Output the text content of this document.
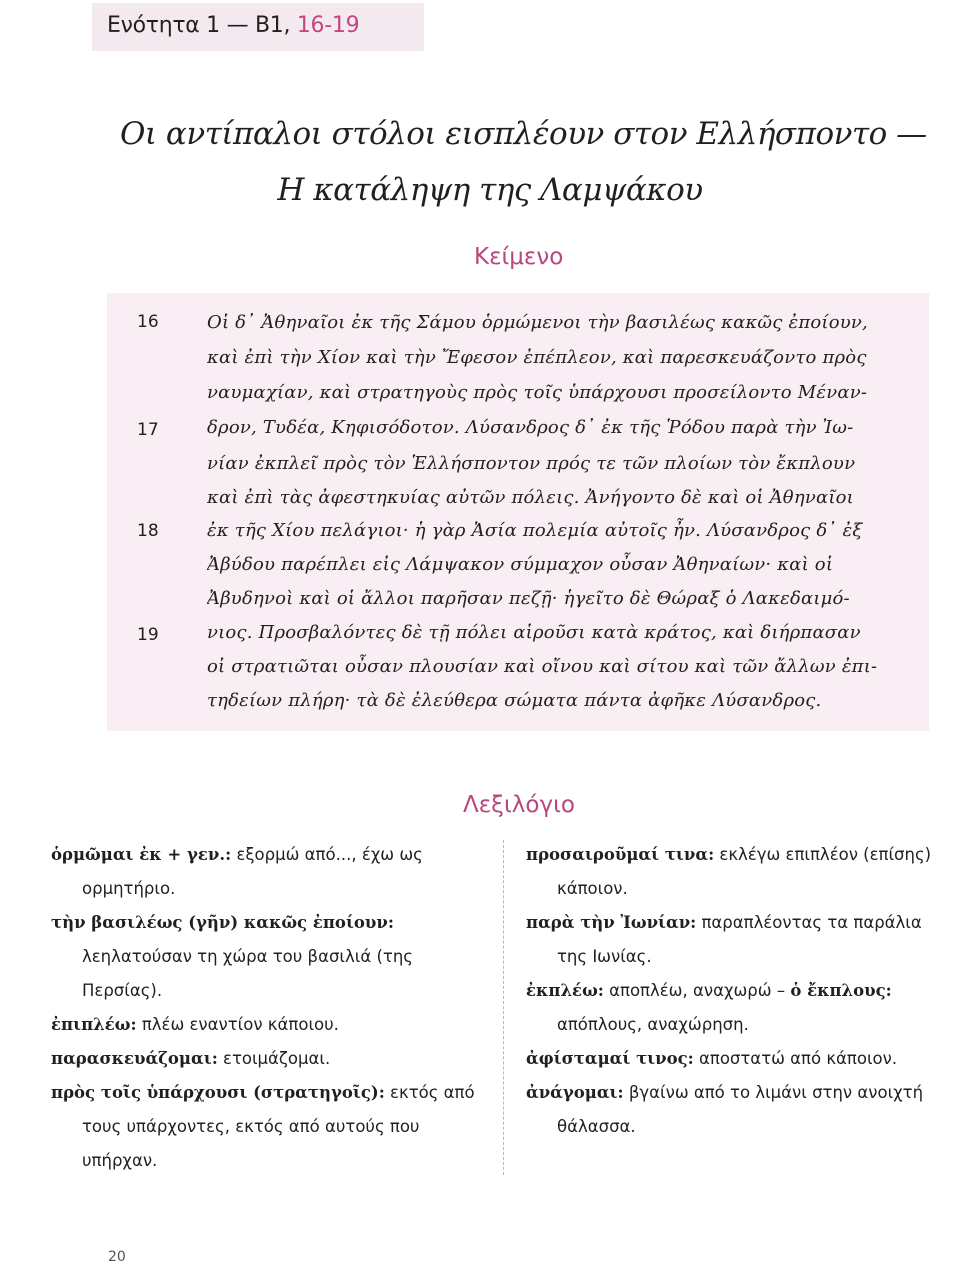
Ενότητα 1 — Β1, 16-19
Οι αντίπαλοι στόλοι εισπλέουν στον Ελλήσποντο —
Η κατάληψη της Λαμψάκου
Κείμενο
16
17
18
19
Οἱ δ᾽ Ἀθηναῖοι ἐκ τῆς Σάμου ὁρμώμενοι τὴν βασιλέως κακῶς ἐποίουν,
καὶ ἐπὶ τὴν Χίον καὶ τὴν Ἔφεσον ἐπέπλεον, καὶ παρεσκευάζοντο πρὸς
ναυμαχίαν, καὶ στρατηγοὺς πρὸς τοῖς ὑπάρχουσι προσείλοντο Μέναν-
δρον, Τυδέα, Κηφισόδοτον. Λύσανδρος δ᾽ ἐκ τῆς Ῥόδου παρὰ τὴν Ἰω-
νίαν ἐκπλεῖ πρὸς τὸν Ἑλλήσποντον πρός τε τῶν πλοίων τὸν ἔκπλουν
καὶ ἐπὶ τὰς ἀφεστηκυίας αὐτῶν πόλεις. Ἀνήγοντο δὲ καὶ οἱ Ἀθηναῖοι
ἐκ τῆς Χίου πελάγιοι· ἡ γὰρ Ἀσία πολεμία αὐτοῖς ἦν. Λύσανδρος δ᾽ ἐξ
Ἀβύδου παρέπλει εἰς Λάμψακον σύμμαχον οὖσαν Ἀθηναίων· καὶ οἱ
Ἀβυδηνοὶ καὶ οἱ ἄλλοι παρῆσαν πεζῇ· ἡγεῖτο δὲ Θώραξ ὁ Λακεδαιμό-
νιος. Προσβαλόντες δὲ τῇ πόλει αἱροῦσι κατὰ κράτος, καὶ διήρπασαν
οἱ στρατιῶται οὖσαν πλουσίαν καὶ οἴνου καὶ σίτου καὶ τῶν ἄλλων ἐπι-
τηδείων πλήρη· τὰ δὲ ἐλεύθερα σώματα πάντα ἀφῆκε Λύσανδρος.
Λεξιλόγιο

ὁρμῶμαι ἐκ + γεν.: εξορμώ από..., έχω ως ορμητήριο.

τὴν βασιλέως (γῆν) κακῶς ἐποίουν: λεηλατούσαν τη χώρα του βασιλιά (της Περσίας).

ἐπιπλέω: πλέω εναντίον κάποιου.

παρασκευάζομαι: ετοιμάζομαι.

πρὸς τοῖς ὑπάρχουσι (στρατηγοῖς): εκτός από τους υπάρχοντες, εκτός από αυτούς που υπήρχαν.

προσαιροῦμαί τινα: εκλέγω επιπλέον (επίσης) κάποιον.

παρὰ τὴν Ἰωνίαν: παραπλέοντας τα παράλια της Ιωνίας.

ἐκπλέω: αποπλέω, αναχωρώ – ὁ ἔκπλους: απόπλους, αναχώρηση.

ἀφίσταμαί τινος: αποστατώ από κάποιον.

ἀνάγομαι: βγαίνω από το λιμάνι στην ανοιχτή θάλασσα.

20
